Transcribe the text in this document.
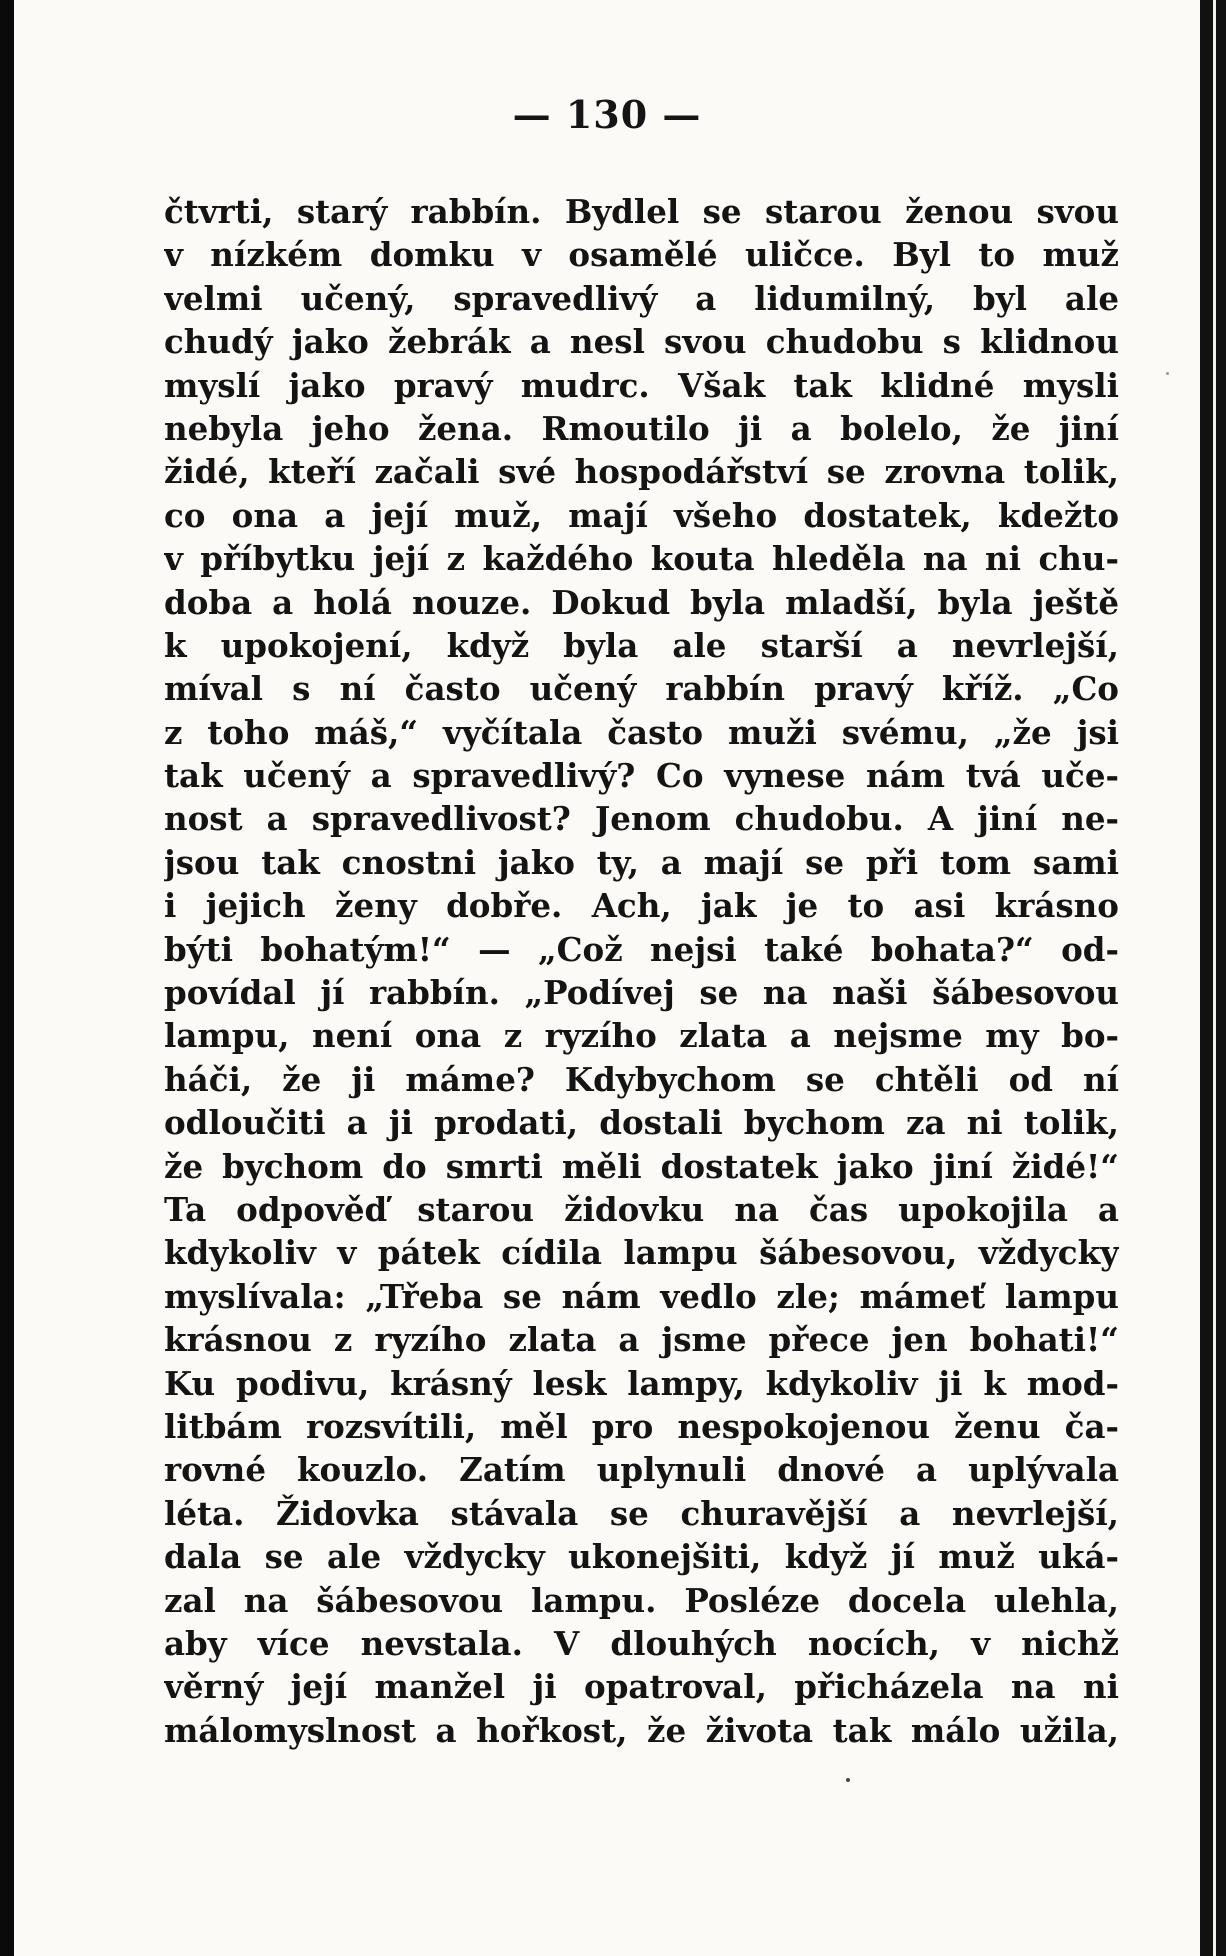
— 130 —
čtvrti, starý rabbín. Bydlel se starou ženou svou
v nízkém domku v osamělé uličce. Byl to muž
velmi učený, spravedlivý a lidumilný, byl ale
chudý jako žebrák a nesl svou chudobu s klidnou
myslí jako pravý mudrc. Však tak klidné mysli
nebyla jeho žena. Rmoutilo ji a bolelo, že jiní
židé, kteří začali své hospodářství se zrovna tolik,
co ona a její muž, mají všeho dostatek, kdežto
v příbytku její z každého kouta hleděla na ni chu-
doba a holá nouze. Dokud byla mladší, byla ještě
k upokojení, když byla ale starší a nevrlejší,
míval s ní často učený rabbín pravý kříž. „Co
z toho máš,“ vyčítala často muži svému, „že jsi
tak učený a spravedlivý? Co vynese nám tvá uče-
nost a spravedlivost? Jenom chudobu. A jiní ne-
jsou tak cnostni jako ty, a mají se při tom sami
i jejich ženy dobře. Ach, jak je to asi krásno
býti bohatým!“ — „Což nejsi také bohata?“ od-
povídal jí rabbín. „Podívej se na naši šábesovou
lampu, není ona z ryzího zlata a nejsme my bo-
háči, že ji máme? Kdybychom se chtěli od ní
odloučiti a ji prodati, dostali bychom za ni tolik,
že bychom do smrti měli dostatek jako jiní židé!“
Ta odpověď starou židovku na čas upokojila a
kdykoliv v pátek cídila lampu šábesovou, vždycky
myslívala: „Třeba se nám vedlo zle; mámeť lampu
krásnou z ryzího zlata a jsme přece jen bohati!“
Ku podivu, krásný lesk lampy, kdykoliv ji k mod-
litbám rozsvítili, měl pro nespokojenou ženu ča-
rovné kouzlo. Zatím uplynuli dnové a uplývala
léta. Židovka stávala se churavější a nevrlejší,
dala se ale vždycky ukonejšiti, když jí muž uká-
zal na šábesovou lampu. Posléze docela ulehla,
aby více nevstala. V dlouhých nocích, v nichž
věrný její manžel ji opatroval, přicházela na ni
málomyslnost a hořkost, že života tak málo užila,
